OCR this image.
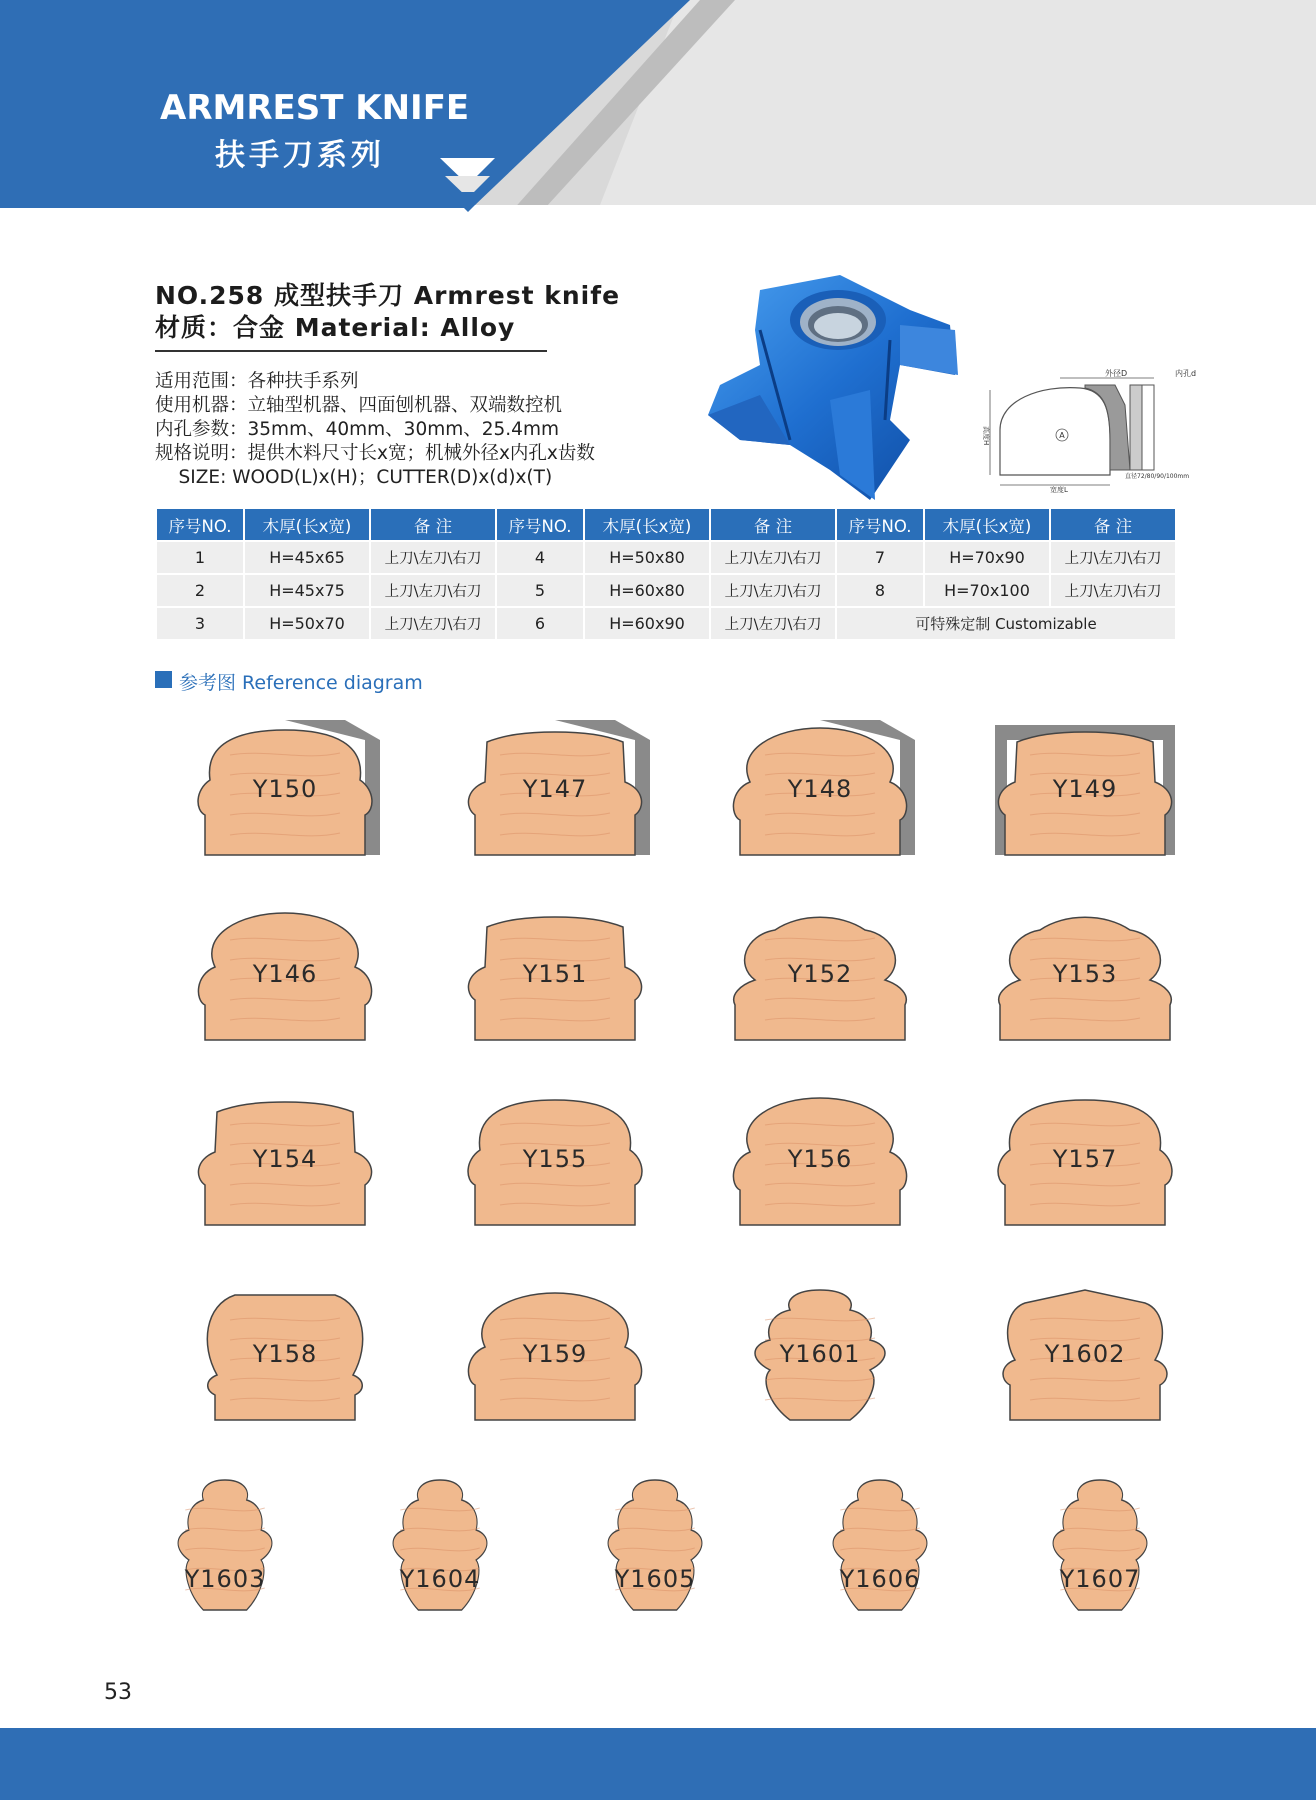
ARMREST KNIFE
扶手刀系列
NO.258 成型扶手刀 Armrest knife
材质：合金 Material: Alloy
适用范围：各种扶手系列
使用机器：立轴型机器、四面刨机器、双端数控机
内孔参数：35mm、40mm、30mm、25.4mm
规格说明：提供木料尺寸长x宽；机械外径x内孔x齿数
SIZE: WOOD(L)x(H)；CUTTER(D)x(d)x(T)
A
外径D	内孔d
宽度L
高度H
直径72/80/90/100mm
序号NO.	木厚(长x宽)	备 注	序号NO.	木厚(长x宽)	备 注	序号NO.	木厚(长x宽)	备 注
1	H=45x65	上刀\左刀\右刀	4	H=50x80	上刀\左刀\右刀	7	H=70x90	上刀\左刀\右刀
2	H=45x75	上刀\左刀\右刀	5	H=60x80	上刀\左刀\右刀	8	H=70x100	上刀\左刀\右刀
3	H=50x70	上刀\左刀\右刀	6	H=60x90	上刀\左刀\右刀	可特殊定制 Customizable		
参考图 Reference diagram
Y150	Y147	Y148	Y149
Y146	Y151	Y152	Y153
Y154	Y155	Y156	Y157
Y158	Y159	Y1601	Y1602
Y1603	Y1604	Y1605	Y1606	Y1607
53
